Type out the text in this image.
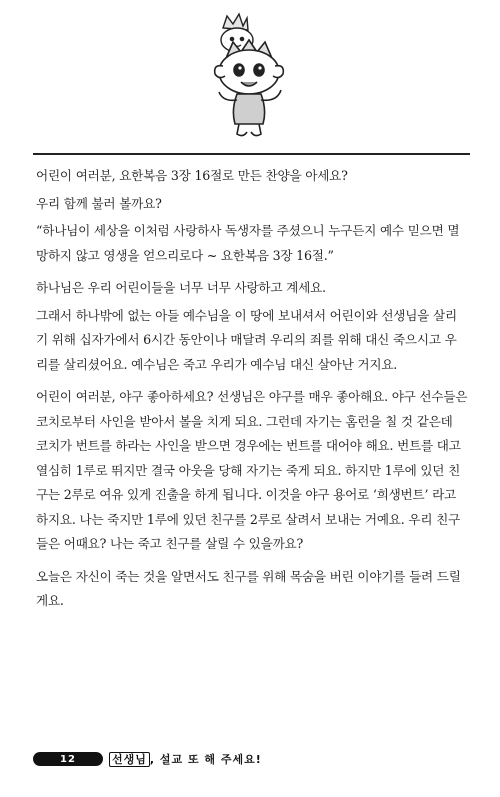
어린이 여러분, 요한복음 3장 16절로 만든 찬양을 아세요?

우리 함께 불러 볼까요?

“하나님이 세상을 이처럼 사랑하사 독생자를 주셨으니 누구든지 예수 믿으면 멸망하지 않고 영생을 얻으리로다 ~ 요한복음 3장 16절.”

하나님은 우리 어린이들을 너무 너무 사랑하고 계세요.

그래서 하나밖에 없는 아들 예수님을 이 땅에 보내셔서 어린이와 선생님을 살리기 위해 십자가에서 6시간 동안이나 매달려 우리의 죄를 위해 대신 죽으시고 우리를 살리셨어요. 예수님은 죽고 우리가 예수님 대신 살아난 거지요.

어린이 여러분, 야구 좋아하세요? 선생님은 야구를 매우 좋아해요. 야구 선수들은 코치로부터 사인을 받아서 볼을 치게 되요. 그런데 자기는 홈런을 칠 것 같은데 코치가 번트를 하라는 사인을 받으면 경우에는 번트를 대어야 해요. 번트를 대고 열심히 1루로 뛰지만 결국 아웃을 당해 자기는 죽게 되요. 하지만 1루에 있던 친구는 2루로 여유 있게 진출을 하게 됩니다. 이것을 야구 용어로 ‘희생번트’ 라고 하지요. 나는 죽지만 1루에 있던 친구를 2루로 살려서 보내는 거예요. 우리 친구들은 어때요? 나는 죽고 친구를 살릴 수 있을까요?

오늘은 자신이 죽는 것을 알면서도 친구를 위해 목숨을 버린 이야기를 들려 드릴게요.

12	선생님 , 설교 또 해 주세요!
